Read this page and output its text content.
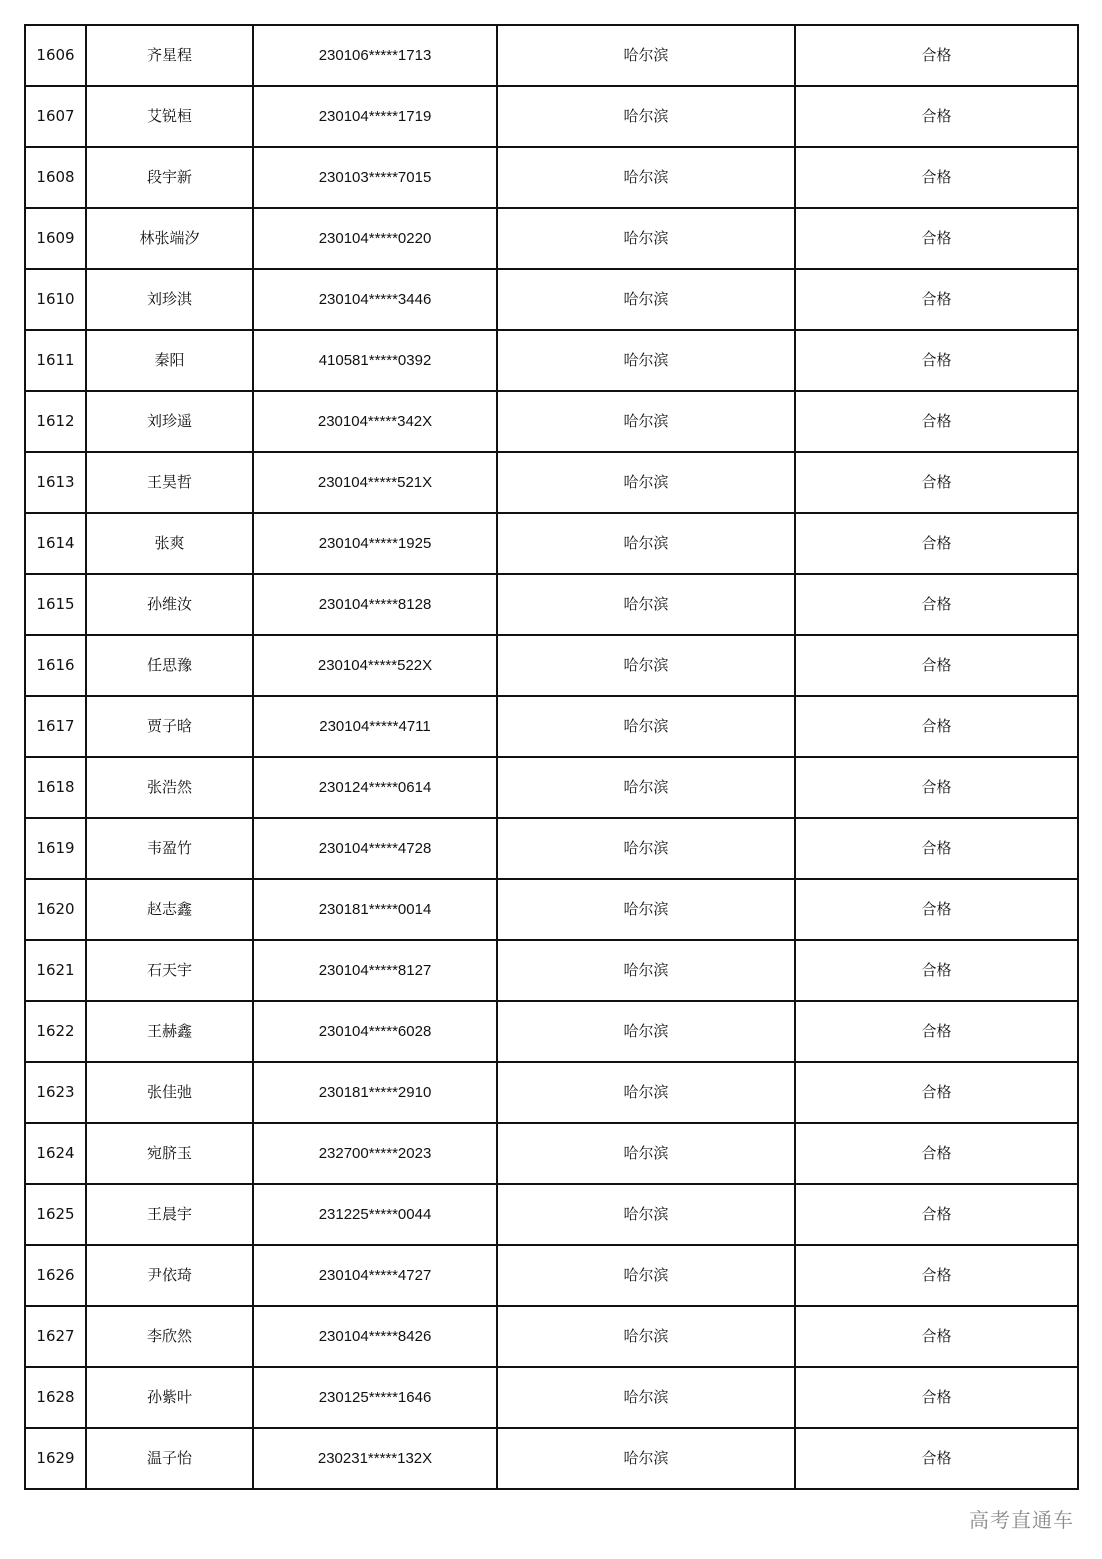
1606	齐星程	230106*****1713	哈尔滨	合格
1607	艾锐桓	230104*****1719	哈尔滨	合格
1608	段宇新	230103*****7015	哈尔滨	合格
1609	林张端汐	230104*****0220	哈尔滨	合格
1610	刘珍淇	230104*****3446	哈尔滨	合格
1611	秦阳	410581*****0392	哈尔滨	合格
1612	刘珍遥	230104*****342X	哈尔滨	合格
1613	王昊哲	230104*****521X	哈尔滨	合格
1614	张爽	230104*****1925	哈尔滨	合格
1615	孙维汝	230104*****8128	哈尔滨	合格
1616	任思豫	230104*****522X	哈尔滨	合格
1617	贾子晗	230104*****4711	哈尔滨	合格
1618	张浩然	230124*****0614	哈尔滨	合格
1619	韦盈竹	230104*****4728	哈尔滨	合格
1620	赵志鑫	230181*****0014	哈尔滨	合格
1621	石天宇	230104*****8127	哈尔滨	合格
1622	王赫鑫	230104*****6028	哈尔滨	合格
1623	张佳弛	230181*****2910	哈尔滨	合格
1624	宛脐玉	232700*****2023	哈尔滨	合格
1625	王晨宇	231225*****0044	哈尔滨	合格
1626	尹依琦	230104*****4727	哈尔滨	合格
1627	李欣然	230104*****8426	哈尔滨	合格
1628	孙紫叶	230125*****1646	哈尔滨	合格
1629	温子怡	230231*****132X	哈尔滨	合格
高考直通车
